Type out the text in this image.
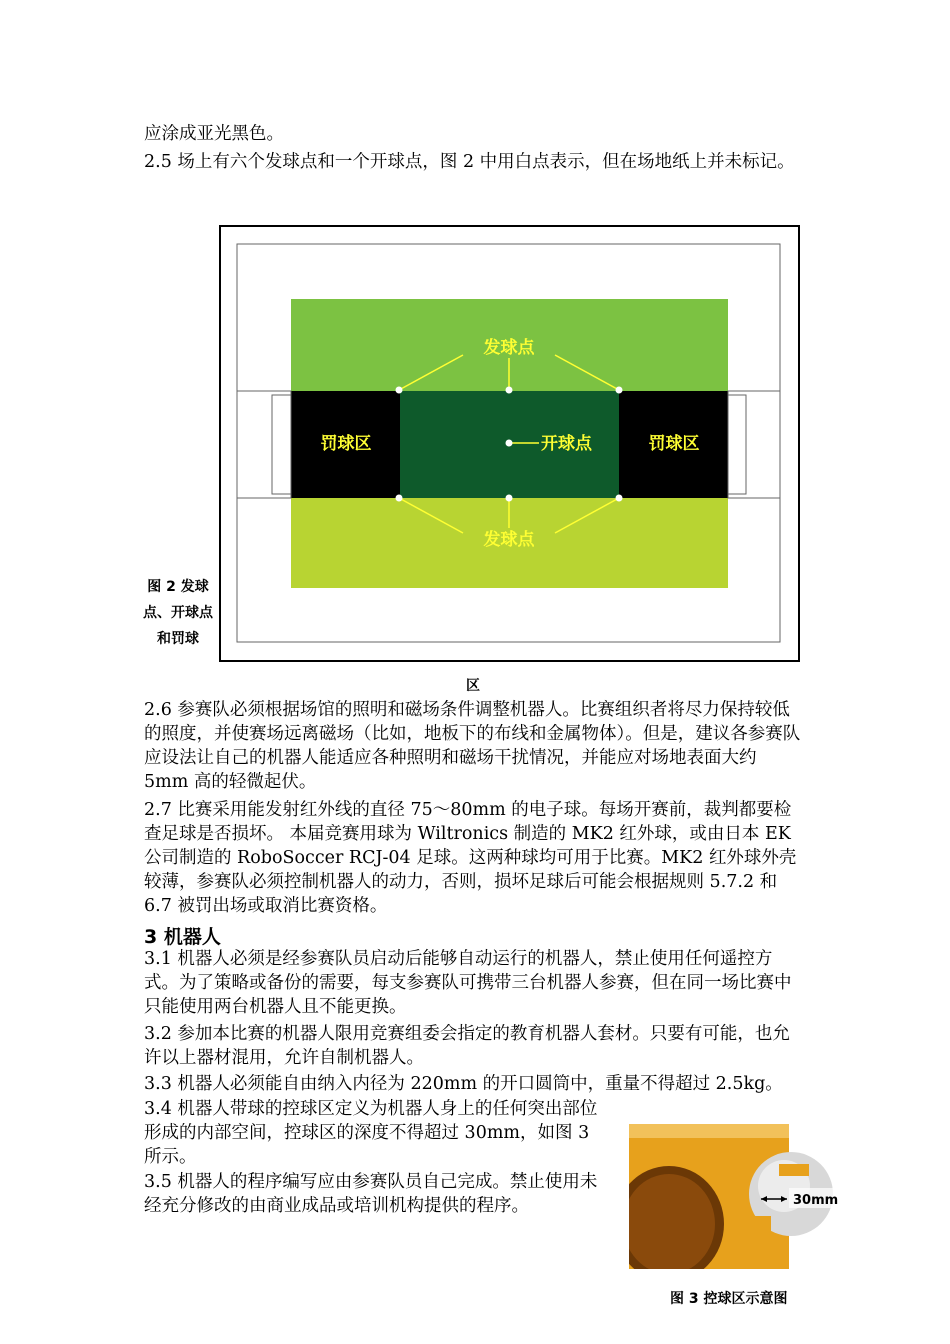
应涂成亚光黑色。

2.5 场上有六个发球点和一个开球点，图 2 中用白点表示，但在场地纸上并未标记。

发球点
发球点
开球点
罚球区	罚球区
图 2 发球点、开球点和罚球
区

2.6 参赛队必须根据场馆的照明和磁场条件调整机器人。比赛组织者将尽力保持较低的照度，并使赛场远离磁场（比如，地板下的布线和金属物体）。但是，建议各参赛队应设法让自己的机器人能适应各种照明和磁场干扰情况，并能应对场地表面大约 5mm 高的轻微起伏。

2.7 比赛采用能发射红外线的直径 75～80mm 的电子球。每场开赛前，裁判都要检查足球是否损坏。 本届竞赛用球为 Wiltronics 制造的 MK2 红外球，或由日本 EK 公司制造的 RoboSoccer RCJ-04 足球。这两种球均可用于比赛。MK2 红外球外壳较薄，参赛队必须控制机器人的动力，否则，损坏足球后可能会根据规则 5.7.2 和 6.7 被罚出场或取消比赛资格。

3 机器人

3.1 机器人必须是经参赛队员启动后能够自动运行的机器人，禁止使用任何遥控方式。为了策略或备份的需要，每支参赛队可携带三台机器人参赛，但在同一场比赛中只能使用两台机器人且不能更换。

3.2 参加本比赛的机器人限用竞赛组委会指定的教育机器人套材。只要有可能，也允许以上器材混用，允许自制机器人。

3.3 机器人必须能自由纳入内径为 220mm 的开口圆筒中，重量不得超过 2.5kg。

3.4 机器人带球的控球区定义为机器人身上的任何突出部位形成的内部空间，控球区的深度不得超过 30mm，如图 3 所示。

3.5 机器人的程序编写应由参赛队员自己完成。禁止使用未经充分修改的由商业成品或培训机构提供的程序。	30mm
图 3 控球区示意图
